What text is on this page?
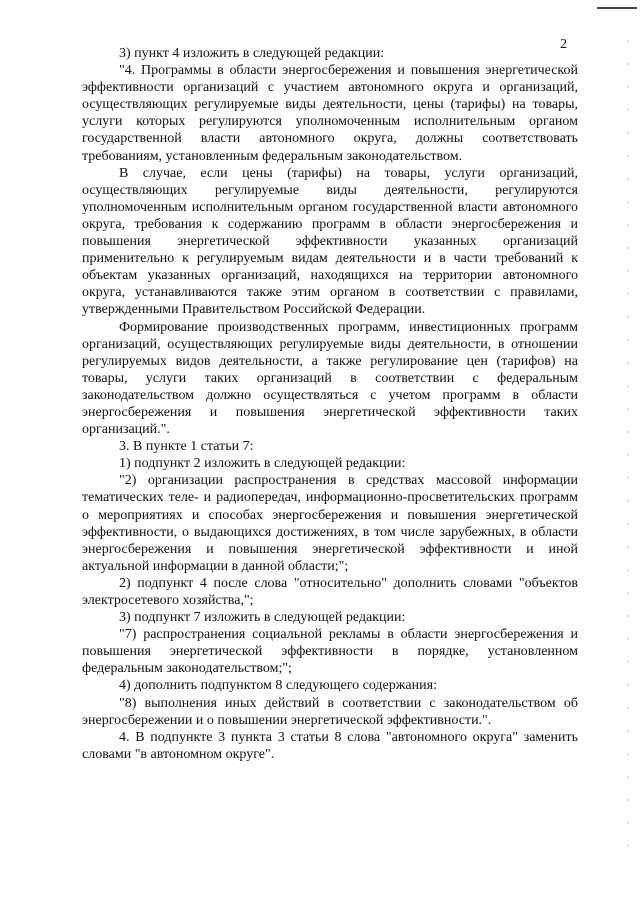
2

3) пункт 4 изложить в следующей редакции:

"4. Программы в области энергосбережения и повышения энергетической эффективности организаций с участием автономного округа и организаций, осуществляющих регулируемые виды деятельности, цены (тарифы) на товары, услуги которых регулируются уполномоченным исполнительным органом государственной власти автономного округа, должны соответствовать требованиям, установленным федеральным законодательством.

В случае, если цены (тарифы) на товары, услуги организаций, осуществляющих регулируемые виды деятельности, регулируются уполномоченным исполнительным органом государственной власти автономного округа, требования к содержанию программ в области энергосбережения и повышения энергетической эффективности указанных организаций применительно к регулируемым видам деятельности и в части требований к объектам указанных организаций, находящихся на территории автономного округа, устанавливаются также этим органом в соответствии с правилами, утвержденными Правительством Российской Федерации.

Формирование производственных программ, инвестиционных программ организаций, осуществляющих регулируемые виды деятельности, в отношении регулируемых видов деятельности, а также регулирование цен (тарифов) на товары, услуги таких организаций в соответствии с федеральным законодательством должно осуществляться с учетом программ в области энергосбережения и повышения энергетической эффективности таких организаций.".

3. В пункте 1 статьи 7:

1) подпункт 2 изложить в следующей редакции:

"2) организации распространения в средствах массовой информации тематических теле- и радиопередач, информационно-просветительских программ о мероприятиях и способах энергосбережения и повышения энергетической эффективности, о выдающихся достижениях, в том числе зарубежных, в области энергосбережения и повышения энергетической эффективности и иной актуальной информации в данной области;";

2) подпункт 4 после слова "относительно" дополнить словами "объектов электросетевого хозяйства,";

3) подпункт 7 изложить в следующей редакции:

"7) распространения социальной рекламы в области энергосбережения и повышения энергетической эффективности в порядке, установленном федеральным законодательством;";

4) дополнить подпунктом 8 следующего содержания:

"8) выполнения иных действий в соответствии с законодательством об энергосбережении и о повышении энергетической эффективности.".

4. В подпункте 3 пункта 3 статьи 8 слова "автономного округа" заменить словами "в автономном округе".
